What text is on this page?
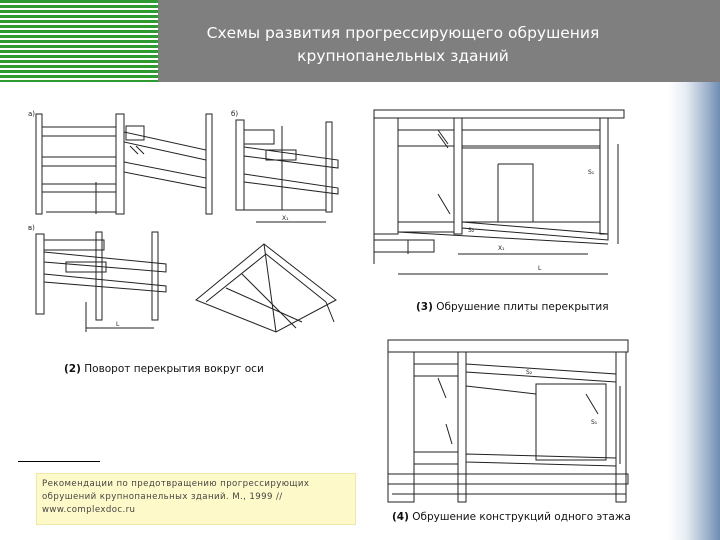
Схемы развития прогрессирующего обрушения
крупнопанельных зданий
а)	б)
X₁
в)
L
S₁
S₂
X₁
L
S₁
S₂
(3) Обрушение плиты перекрытия
(2) Поворот перекрытия вокруг оси
(4) Обрушение конструкций одного этажа
Рекомендации по предотвращению прогрессирующих
обрушений крупнопанельных зданий. М., 1999 //
www.complexdoc.ru
